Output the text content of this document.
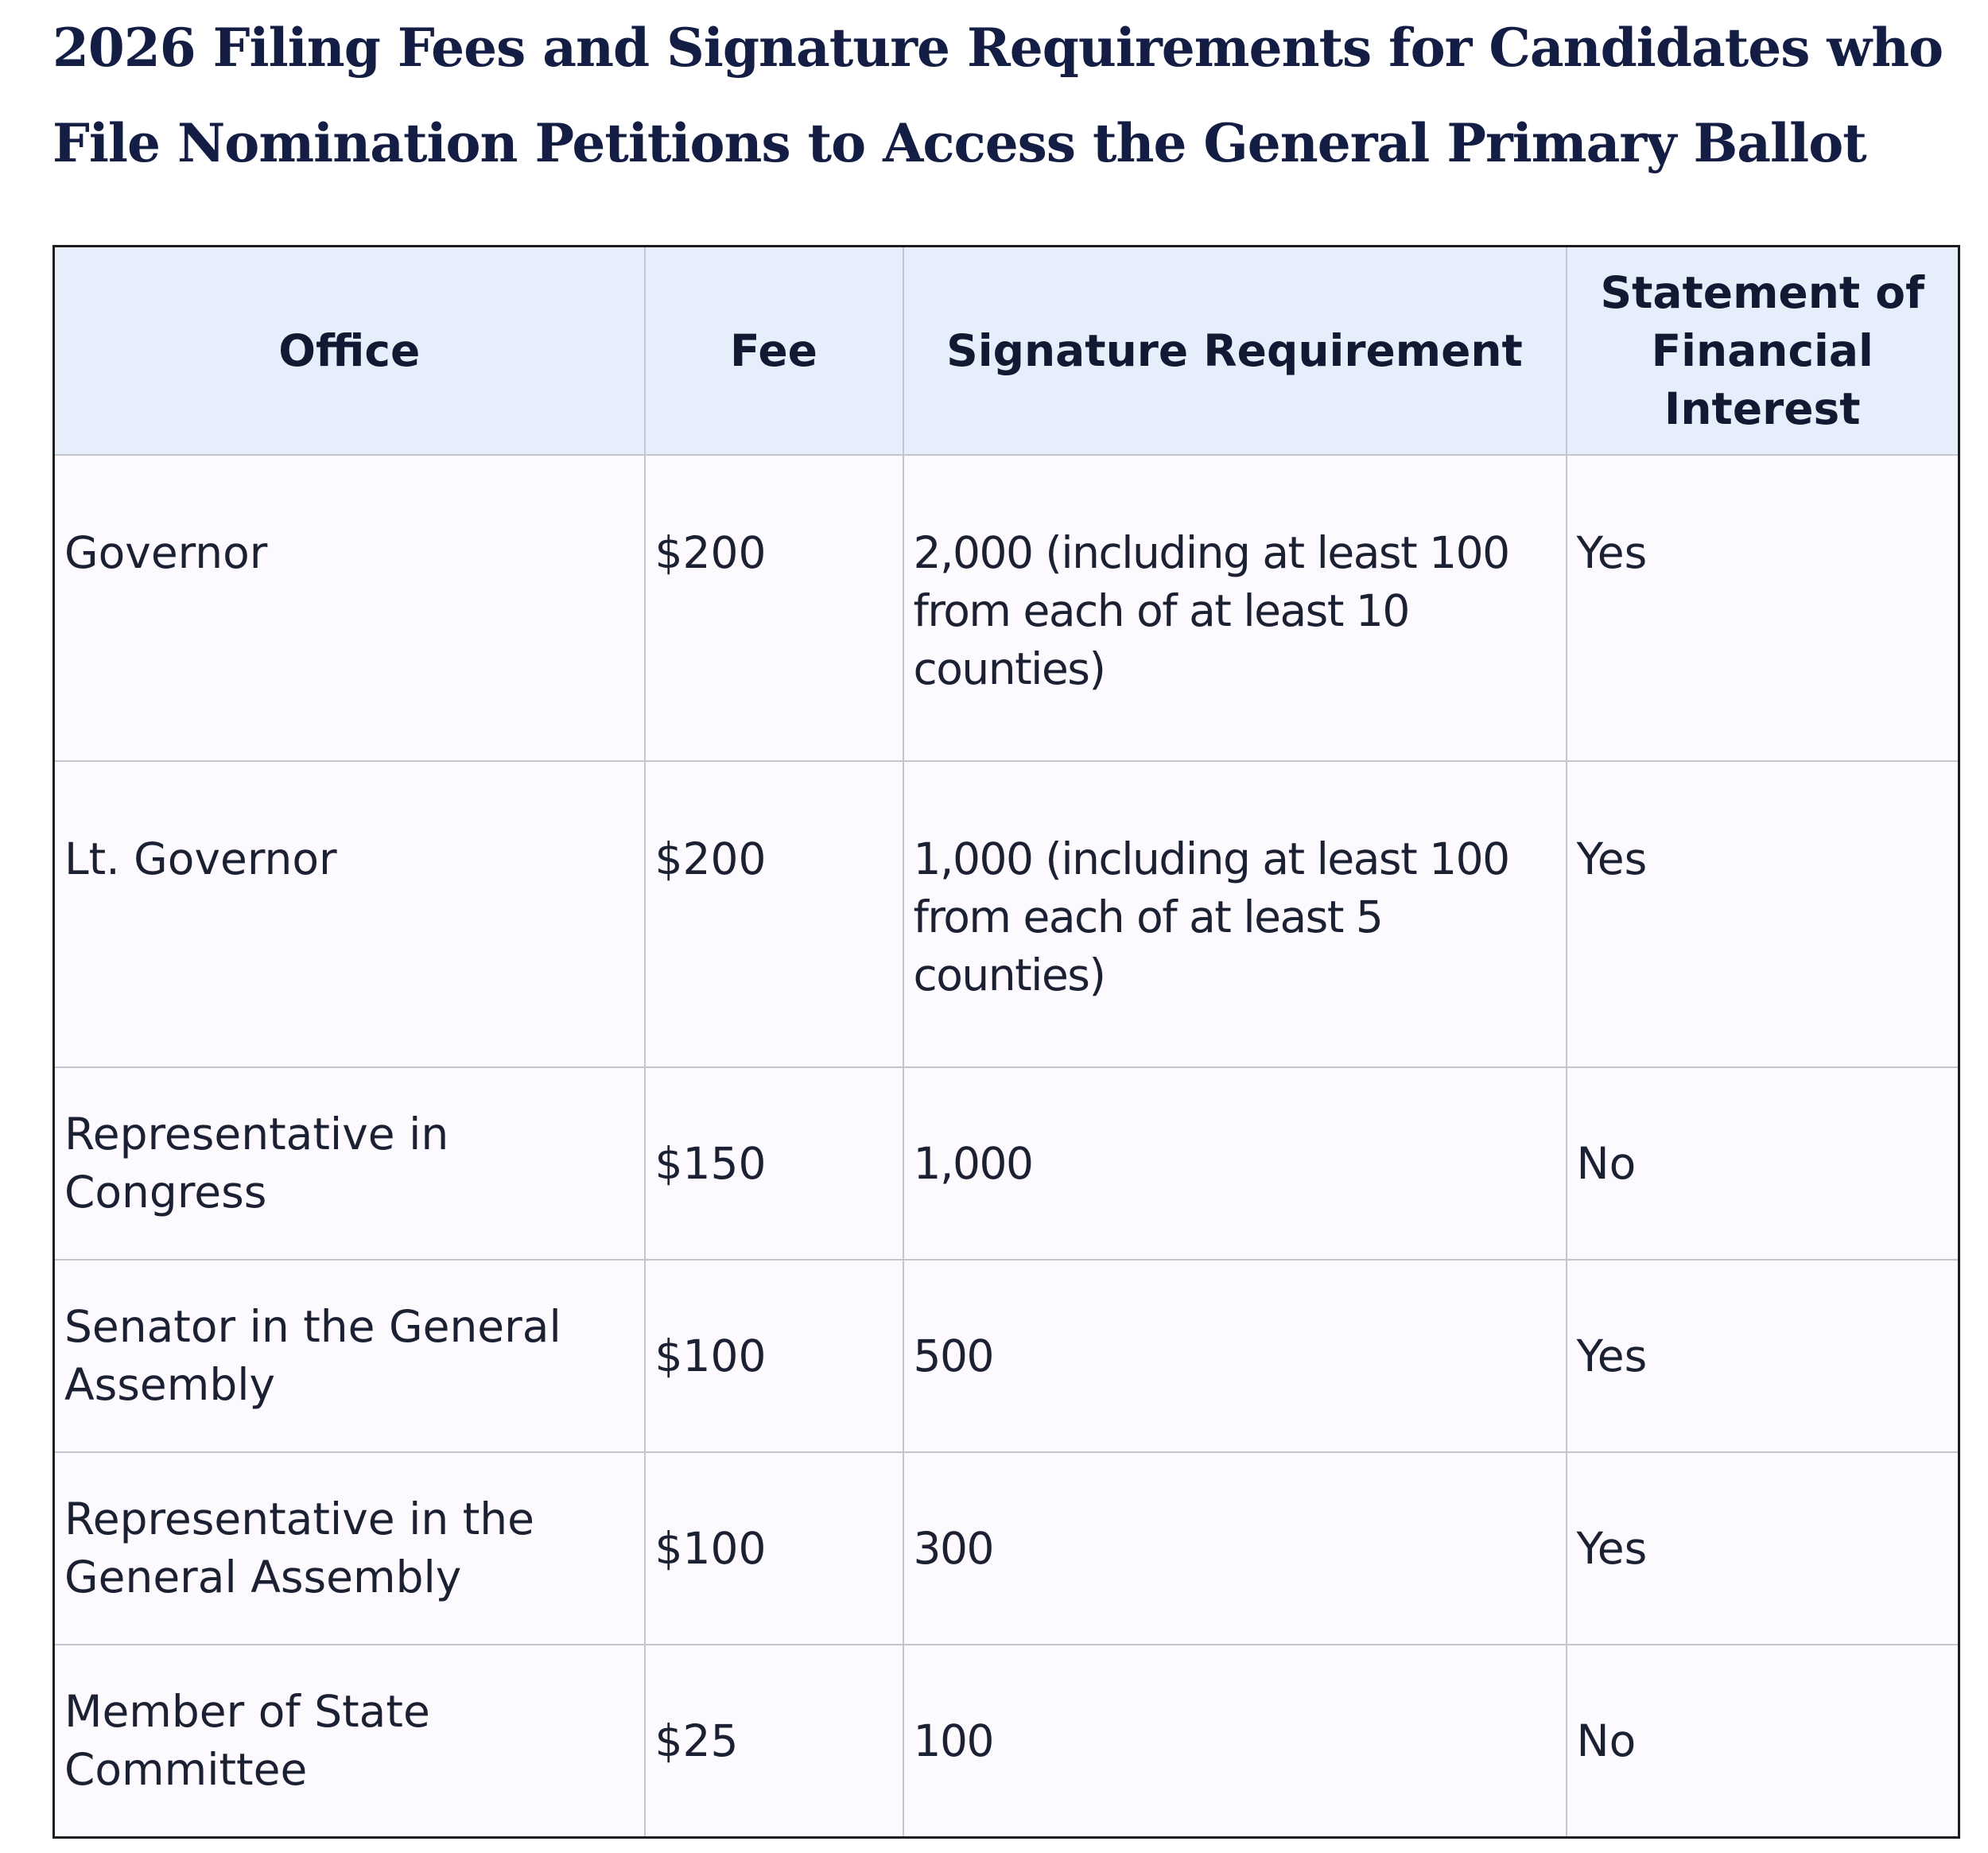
2026 Filing Fees and Signature Requirements for Candidates who File Nomination Petitions to Access the General Primary Ballot
Office	Fee	Signature Requirement	Statement of Financial Interest
Governor	$200	2,000 (including at least 100 from each of at least 10 counties)	Yes
Lt. Governor	$200	1,000 (including at least 100 from each of at least 5 counties)	Yes
Representative in Congress	$150	1,000	No
Senator in the General Assembly	$100	500	Yes
Representative in the General Assembly	$100	300	Yes
Member of State Committee	$25	100	No
